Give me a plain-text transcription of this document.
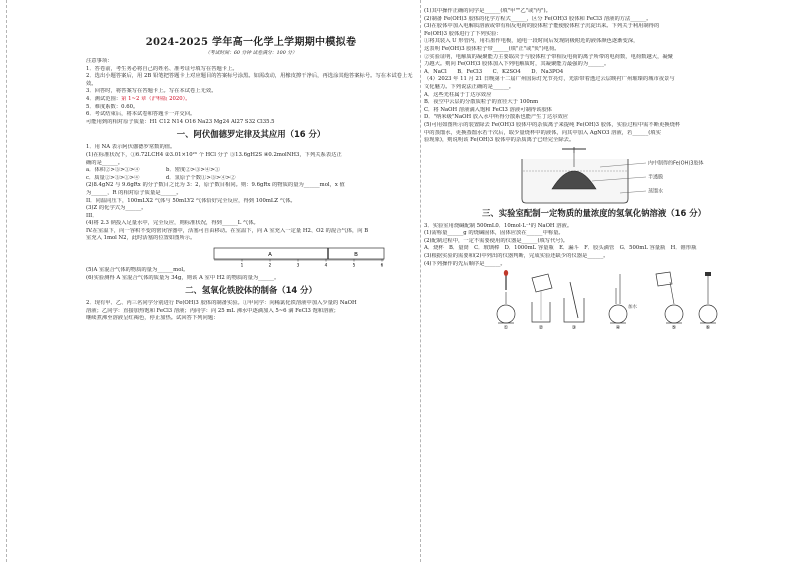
2024-2025 学年高一化学上学期期中模拟卷
（考试时间：60 分钟 试卷满分：100 分）
注意事项：
1．答卷前，考生务必将自己的姓名、准考证号填写在答题卡上。
2．选出小题答案后，用 2B 铅笔把答题卡上对应题目的答案标号涂黑。如需改动，用橡皮擦干净后，再选涂其他答案标号。写在本试卷上无效。
3．回答时，将答案写在答题卡上。写在本试卷上无效。
4．测试范围：第 1~2 章（沪科版 2020）。
5．难度系数：0.60。
6．考试结束后，将本试卷和答题卡一并交回。
可能用到的相对原子质量：H1 C12 N14 O16 Na23 Mg24 Al27 S32 Cl35.5
一、阿伏伽德罗定律及其应用（16 分）
1．用 NA 表示阿伏伽德罗常数的值。
(1)在标准状况下，①6.72LCH4 ②3.01×10²³ 个 HCl 分子 ③13.6gH2S ④0.2molNH3，下列关系表达正
确的是______。
a．体积②>③>①>④　　　　　b．密度②>③>④>①
c．质量②>③>①>④　　　　　d．氢原子个数①>③>④>②
(2)8.4gN2 与 9.6gRx 的分子数目之比为 3：2，原子数目相同。则：9.6gRx 的物质的量为______mol，x 值
为______，R 的相对原子质量是______。
II．同温同压下，100mLX2 气体与 50mLY2 气体恰好完全反应，得到 100mLZ 气体。
(3)Z 的化学式为______。
III．
(4)将 2.3 钠投入足量水中，完全反应，则标准状况，得到______L 气体。
IV.在室温下，向一容积不变的密闭容器中，活塞可自由移动。在室温下，向 A 室充入一定量 H2、O2 的混合气体，向 B
室充入 1mol N2，此时活塞的位置如图所示。
A	B
1	2	3	4	5	6
(5)A 室混合气体的物质的量为______mol。
(6)实验测得 A 室混合气体的质量为 34g，则该 A 室中 H2 的物质的量为______。
二、氢氧化铁胶体的制备（14 分）
2．现有甲、乙、丙三名同学分别进行 Fe(OH)3 胶体的制备实验。①甲同学：向稀氯化铁溶液中加入少量的 NaOH
溶液；乙同学：直接加热饱和 FeCl3 溶液；丙同学：向 25 mL 沸水中逐滴加入 5~6 滴 FeCl3 饱和溶液；
继续煮沸至溶液呈红褐色，停止加热。试回答下列问题：
(1)其中操作正确的同学是______(填"甲""乙"或"丙")。
(2)制备 Fe(OH)3 胶体的化学方程式______，区分 Fe(OH)3 胶体和 FeCl3 溶液的方法______。
(3)在胶体中加入电解质溶液或带有相反电荷的胶体粒子能使胶体粒子沉淀出来。下列关于利用制得的
Fe(OH)3 胶体进行了下列实验：
①将其装入 U 形管内，用石墨作电极，通电一段时间后发现阴极附近的液体颜色逐渐变深，
这表明 Fe(OH)3 胶体粒子带______(填"正"或"负")电荷。
②实验证明，电解质的凝聚能力主要取决于与胶体粒子带相反电荷的离子所带的电荷数，电荷数越大，凝聚
力越大。则向 Fe(OH)3 胶体加入下列电解质时，其凝聚能力最强的为______。
A．NaCl　　B．FeCl3　　C．K2SO4　　D．Na3PO4
（4）2023 年 11 月 21 日晚第十二届广州国际灯光节亮灯，光影带着透过云层映衬广州璀璨的城市夜景与
文化魅力。下列说法正确的是______。
A．这些光柱属于丁达尔效应
B．夜空中云层的分散质粒子的直径大于 100nm
C．将 NaOH 溶液滴入饱和 FeCl3 溶液可制得该胶体
D．"纳米级"NaOH 放入水中所得分散系也能产生丁达尔效应
(5)可用如图所示的装置除去 Fe(OH)3 胶体中的杂质离子来提纯 Fe(OH)3 胶体，实验过程中需不断更换烧杯
中的蒸馏水，更换蒸馏水若干次后，取少量烧杯中的液体，向其中加入 AgNO3 溶液，若______(填实
验现象)，则说明该 Fe(OH)3 胶体中的杂质离子已经完全除去。
内中制得的Fe(OH)3胶体
半透膜
蒸馏水
三、实验室配制一定物质的量浓度的氢氧化钠溶液（16 分）
3．实验室用烧碱配制 500mL0．10mol·L⁻¹的 NaOH 溶液。
(1)需称量______g 的烧碱固体，固体应放在______中称量。
(2)配制过程中，一定不需要使用的仪器是______(填写代号)。
A．烧杯　B．量筒　C．玻璃棒　D．1000mL 容量瓶　E．漏斗　F．胶头滴管　G．500mL 容量瓶　H．锥形瓶
(3)根据实验的需要和(2)中列出的仪器判断，完成实验还缺少的仪器是______。
(4)下列操作的先后顺序是______。
①	②	③
加水
④	⑤	⑥
